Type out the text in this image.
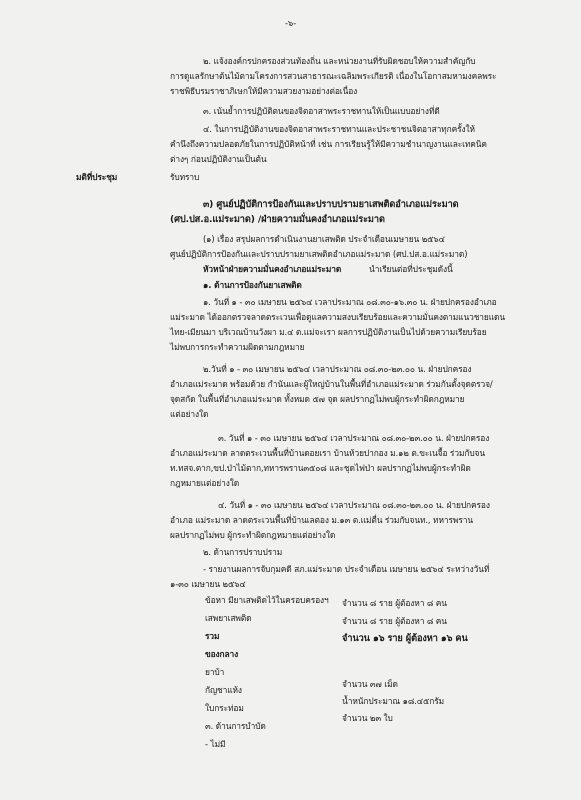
-๖-
๒. แจ้งองค์กรปกครองส่วนท้องถิ่น และหน่วยงานที่รับผิดชอบให้ความสำคัญกับ
การดูแลรักษาต้นไม้ตามโครงการสวนสาธารณะเฉลิมพระเกียรติ เนื่องในโอกาสมหามงคลพระ
ราชพิธีบรมราชาภิเษกให้มีความสวยงามอย่างต่อเนื่อง
๓. เน้นย้ำการปฏิบัติตนของจิตอาสาพระราชทานให้เป็นแบบอย่างที่ดี
๔. ในการปฏิบัติงานของจิตอาสาพระราชทานและประชาชนจิตอาสาทุกครั้งให้
คำนึงถึงความปลอดภัยในการปฏิบัติหน้าที่ เช่น การเรียนรู้ให้มีความชำนาญงานและเทคนิค
ต่างๆ ก่อนปฏิบัติงานเป็นต้น
มติที่ประชุม	รับทราบ
๓) ศูนย์ปฏิบัติการป้องกันและปราบปรามยาเสพติดอำเภอแม่ระมาด
(ศป.ปส.อ.แม่ระมาด) /ฝ่ายความมั่นคงอำเภอแม่ระมาด
(๑) เรื่อง สรุปผลการดำเนินงานยาเสพติด ประจำเดือนเมษายน ๒๕๖๔
ศูนย์ปฏิบัติการป้องกันและปราบปรามยาเสพติดอำเภอแม่ระมาด (ศป.ปส.อ.แม่ระมาด)
หัวหน้าฝ่ายความมั่นคงอำเภอแม่ระมาด	นำเรียนต่อที่ประชุมดังนี้
๑. ด้านการป้องกันยาเสพติด
๑. วันที่ ๑ - ๓๐ เมษายน ๒๕๖๔ เวลาประมาณ ๐๘.๓๐-๑๖.๓๐ น. ฝ่ายปกครองอำเภอ
แม่ระมาด ได้ออกตรวจลาดตระเวนเพื่อดูแลความสงบเรียบร้อยและความมั่นคงตามแนวชายแดน
ไทย-เมียนมา บริเวณบ้านวังผา ม.๔ ต.แม่จะเรา ผลการปฏิบัติงานเป็นไปด้วยความเรียบร้อย
ไม่พบการกระทำความผิดตามกฎหมาย
๒.วันที่ ๑ - ๓๐ เมษายน ๒๕๖๔ เวลาประมาณ ๐๘.๓๐-๒๓.๐๐ น. ฝ่ายปกครอง
อำเภอแม่ระมาด พร้อมด้วย กำนันและผู้ใหญ่บ้านในพื้นที่อำเภอแม่ระมาด ร่วมกันตั้งจุดตรวจ/
จุดสกัด ในพื้นที่อำเภอแม่ระมาด ทั้งหมด ๕๗ จุด ผลปรากฏไม่พบผู้กระทำผิดกฎหมาย
แต่อย่างใด
๓. วันที่ ๑ - ๓๐ เมษายน ๒๕๖๔ เวลาประมาณ ๐๘.๓๐-๒๓.๐๐ น. ฝ่ายปกครอง
อำเภอแม่ระมาด ลาดตระเวนพื้นที่บ้านดอยเรา บ้านห้วยปากอง ม.๑๒ ต.ขะเนจื้อ ร่วมกับจน
ท.ทสจ.ตาก,ขป.ป่าไม้ตาก,ทหารพราน๓๕๐๘ และชุดไฟป่า ผลปรากฏไม่พบผู้กระทำผิด
กฎหมายแต่อย่างใด
๔. วันที่ ๑ - ๓๐ เมษายน ๒๕๖๔ เวลาประมาณ ๐๘.๓๐-๒๓.๐๐ น. ฝ่ายปกครอง
อำเภอ แม่ระมาด ลาดตระเวนพื้นที่บ้านเลตอง ม.๑๓ ต.แม่ตื่น ร่วมกับจนท., ทหารพราน
ผลปรากฏไม่พบ ผู้กระทำผิดกฎหมายแต่อย่างใด
๒. ด้านการปราบปราม
- รายงานผลการจับกุมคดี สภ.แม่ระมาด ประจำเดือน เมษายน ๒๕๖๔ ระหว่างวันที่
๑-๓๐ เมษายน ๒๕๖๔
ข้อหา มียาเสพติดไว้ในครอบครองฯ
เสพยาเสพติด
รวม
ของกลาง
ยาบ้า
กัญชาแห้ง
ใบกระท่อม
๓. ด้านการบำบัด
- ไม่มี
จำนวน ๘ ราย ผู้ต้องหา ๘ คน
จำนวน ๘ ราย ผู้ต้องหา ๘ คน
จำนวน ๑๖ ราย ผู้ต้องหา ๑๖ คน
จำนวน ๓๗ เม็ด
น้ำหนักประมาณ ๑๘.๔๕กรัม
จำนวน ๒๓ ใบ
